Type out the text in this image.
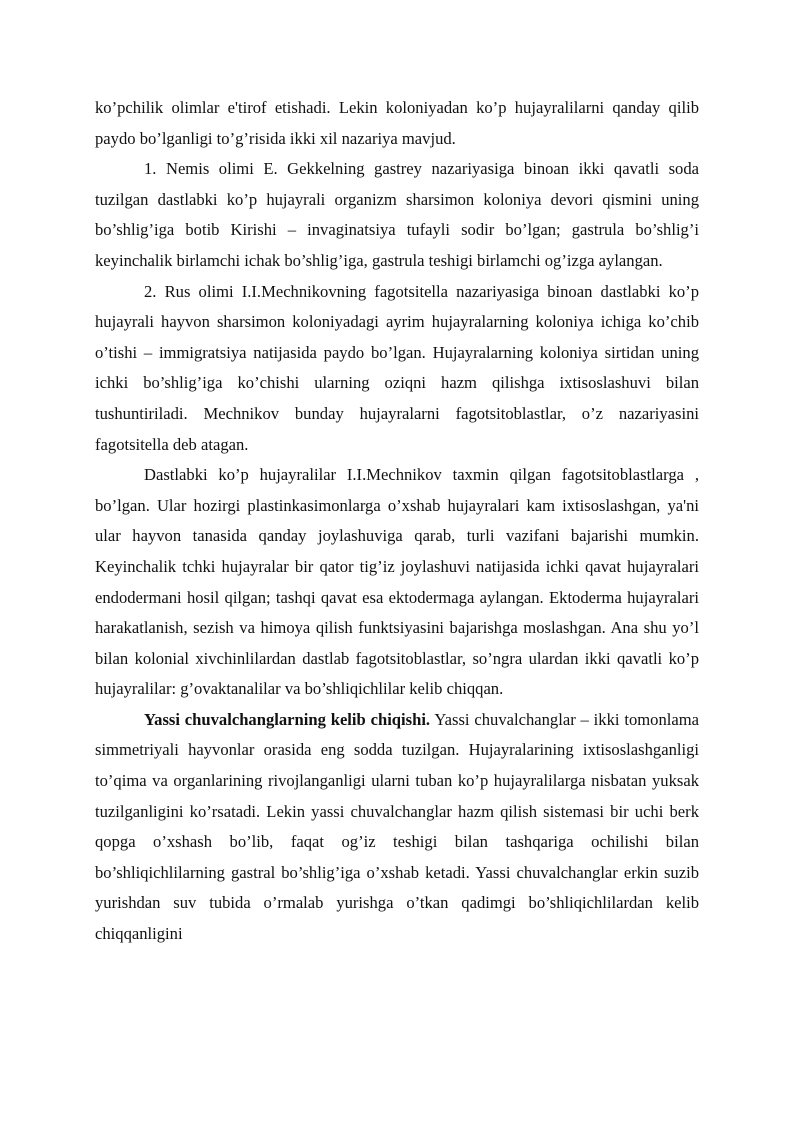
ko’pchilik olimlar e'tirof etishadi. Lekin koloniyadan ko’p hujayralilarni qanday qilib paydo bo’lganligi to’g’risida ikki xil nazariya mavjud.

1. Nemis olimi E. Gekkelning gastrey nazariyasiga binoan ikki qavatli soda tuzilgan dastlabki ko’p hujayrali organizm sharsimon koloniya devori qismini uning bo’shlig’iga botib Kirishi – invaginatsiya tufayli sodir bo’lgan; gastrula bo’shlig’i keyinchalik birlamchi ichak bo’shlig’iga, gastrula teshigi birlamchi og’izga aylangan.

2. Rus olimi I.I.Mechnikovning fagotsitella nazariyasiga binoan dastlabki ko’p hujayrali hayvon sharsimon koloniyadagi ayrim hujayralarning koloniya ichiga ko’chib o’tishi – immigratsiya natijasida paydo bo’lgan. Hujayralarning koloniya sirtidan uning ichki bo’shlig’iga ko’chishi ularning oziqni hazm qilishga ixtisoslashuvi bilan tushuntiriladi. Mechnikov bunday hujayralarni fagotsitoblastlar, o’z nazariyasini fagotsitella deb atagan.

Dastlabki ko’p hujayralilar I.I.Mechnikov taxmin qilgan fagotsitoblastlarga , bo’lgan. Ular hozirgi plastinkasimonlarga o’xshab hujayralari kam ixtisoslashgan, ya'ni ular hayvon tanasida qanday joylashuviga qarab, turli vazifani bajarishi mumkin. Keyinchalik tchki hujayralar bir qator tig’iz joylashuvi natijasida ichki qavat hujayralari endodermani hosil qilgan; tashqi qavat esa ektodermaga aylangan. Ektoderma hujayralari harakatlanish, sezish va himoya qilish funktsiyasini bajarishga moslashgan. Ana shu yo’l bilan kolonial xivchinlilardan dastlab fagotsitoblastlar, so’ngra ulardan ikki qavatli ko’p hujayralilar: g’ovaktanalilar va bo’shliqichlilar kelib chiqqan.

Yassi chuvalchanglarning kelib chiqishi. Yassi chuvalchanglar – ikki tomonlama simmetriyali hayvonlar orasida eng sodda tuzilgan. Hujayralarining ixtisoslashganligi to’qima va organlarining rivojlanganligi ularni tuban ko’p hujayralilarga nisbatan yuksak tuzilganligini ko’rsatadi. Lekin yassi chuvalchanglar hazm qilish sistemasi bir uchi berk qopga o’xshash bo’lib, faqat og’iz teshigi bilan tashqariga ochilishi bilan bo’shliqichlilarning gastral bo’shlig’iga o’xshab ketadi. Yassi chuvalchanglar erkin suzib yurishdan suv tubida o’rmalab yurishga o’tkan qadimgi bo’shliqichlilardan kelib chiqqanligini
